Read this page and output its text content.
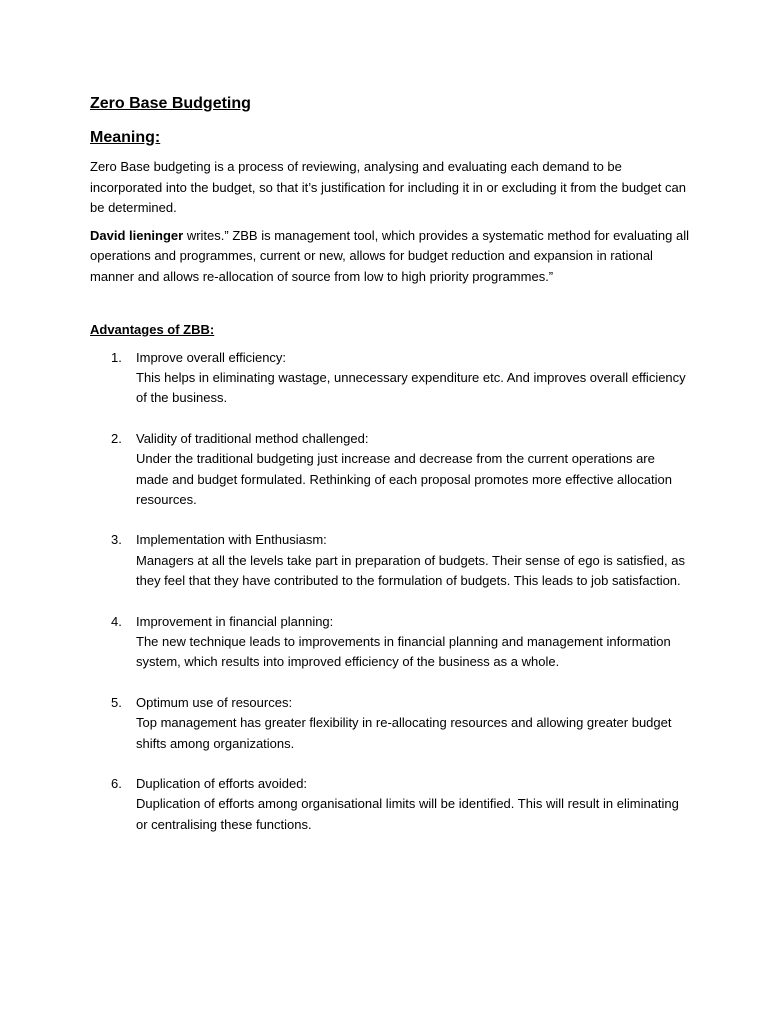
Zero Base Budgeting
Meaning:

Zero Base budgeting is a process of reviewing, analysing and evaluating each demand to be incorporated into the budget, so that it’s justification for including it in or excluding it from the budget can be determined.

David lieninger writes.” ZBB is management tool, which provides a systematic method for evaluating all operations and programmes, current or new, allows for budget reduction and expansion in rational manner and allows re-allocation of source from low to high priority programmes.”

Advantages of ZBB:
1. Improve overall efficiency:
This helps in eliminating wastage, unnecessary expenditure etc. And improves overall efficiency of the business.
2. Validity of traditional method challenged:
Under the traditional budgeting just increase and decrease from the current operations are made and budget formulated. Rethinking of each proposal promotes more effective allocation resources.
3. Implementation with Enthusiasm:
Managers at all the levels take part in preparation of budgets. Their sense of ego is satisfied, as they feel that they have contributed to the formulation of budgets. This leads to job satisfaction.
4. Improvement in financial planning:
The new technique leads to improvements in financial planning and management information system, which results into improved efficiency of the business as a whole.
5. Optimum use of resources:
Top management has greater flexibility in re-allocating resources and allowing greater budget shifts among organizations.
6. Duplication of efforts avoided:
Duplication of efforts among organisational limits will be identified. This will result in eliminating or centralising these functions.
